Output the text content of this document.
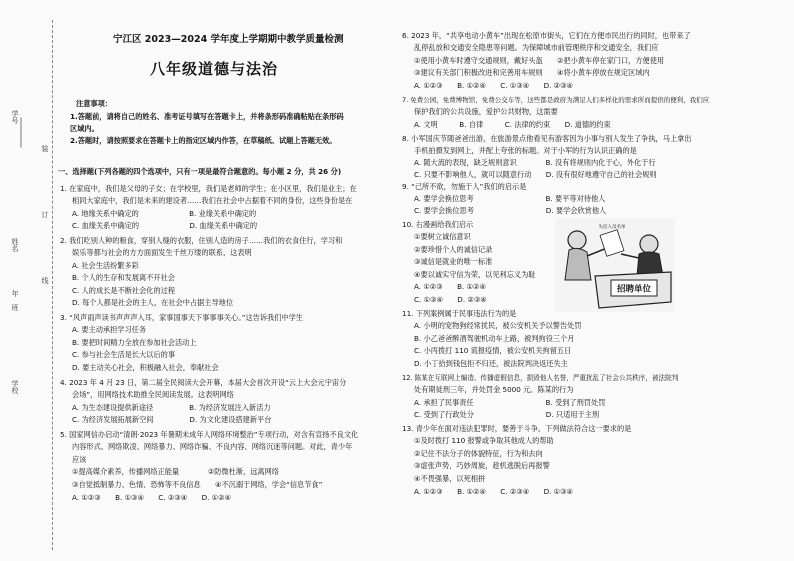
学号
姓名
年　班
学校
装　订　线
宁江区 2023—2024 学年度上学期期中教学质量检测
八年级道德与法治
注意事项：
1.答题前，请将自己的姓名、准考证号填写在答题卡上，并将条形码准确粘贴在条形码
区域内。
2.答题时，请按照要求在答题卡上的指定区域内作答，在草稿纸、试题上答题无效。
一、选择题(下列各题的四个选项中，只有一项是最符合题意的。每小题 2 分，共 26 分)
1. 在家庭中，我们是父母的子女；在学校里，我们是老师的学生；在小区里，我们是业主；在
相同大家庭中，我们是未来的建设者……我们在社会中占据着不同的身份，这些身份是在
A. 地缘关系中确定的　　　　　　　B. 业缘关系中确定的
C. 血缘关系中确定的　　　　　　　D. 血缘关系中确定的
2. 我们吃别人种的粮食，穿别人缝的衣服，住别人造的房子……我们的衣食住行，学习和
娱乐等都与社会的方方面面发生千丝万缕的联系，这表明
A. 社会生活纷繁多彩
B. 个人的生存和发展离不开社会
C. 人的成长是不断社会化的过程
D. 每个人都是社会的主人，在社会中占据主导地位
3. “风声雨声读书声声声入耳，家事国事天下事事事关心。”这告诉我们中学生
A. 要主动承担学习任务
B. 要把时间精力全放在参加社会活动上
C. 参与社会生活是长大以后的事
D. 要主动关心社会，积极融入社会，奉献社会
4. 2023 年 4 月 23 日，第二届全民阅读大会开幕，本届大会首次开设“云上大会元宇宙分
会场”，用网络技术助推全民阅读发展。这表明网络
A. 为生态建设提供新途径　　　　　B. 为经济发展注入新活力
C. 为经济发展拓展新空间　　　　　D. 为文化建设搭建新平台
5. 国家网信办启动“清朗·2023 年暑期未成年人网络环境整治”专项行动，对含有宣扬不良文化
内容形式、网络欺凌、网络暴力、网络诈骗、不良内容、网络沉迷等问题。对此，青少年
应该
①提高媒介素养，传播网络正能量　　　　②防微杜渐，远离网络
③自觉抵制暴力、色情、恐怖等不良信息　　④不沉溺于网络，学会“信息节食”
A. ①②③　　B. ①③④　　C. ②③④　　D. ①②④
6. 2023 年，“共享电动小黄车”出现在松原市街头，它们在方便市民出行的同时，也带来了
乱停乱放和交通安全隐患等问题。为保障城市前管理秩序和交通安全，我们应
①使用小黄车时遵守交通规则，戴好头盔　　②把小黄车停在家门口，方便使用
③建议有关部门积极改进和完善用车规则　　④将小黄车停放在规定区域内
A. ①②③　　B. ①②④　　C. ①③④　　D. ②③④
7. 免费公园，免费博物馆，免费公交车等，这些都是政府为满足人们多样化的需求所而提供的便利，我们应
保护我们的公共设施，爱护公共财物，这需要
A. 文明　　　B. 自律　　　C. 法律的约束　　D. 道德的约束
8. 小军国庆节随爸爸出游，在旅游景点他看见有游客因为小事与别人发生了争执，马上拿出
手机拍摄发到网上，并配上夸张的标题。对于小军的行为认识正确的是
A. 随大流的表现，缺乏规则意识　　　　B. 没有将规则内化于心，外化于行
C. 只要不影响他人，就可以随意行动　　D. 没有很好地遵守自己的社会规则
9. “己所不欲，勿施于人”我们的启示是
A. 要学会换位思考　　　　　　　　　　B. 要平等对待他人
C. 要学会换位思考　　　　　　　　　　D. 要学会欣赏他人
10. 右漫画给我们启示
①要树立诚信意识
②要珍惜个人的诚信记录
③诚信是就业的唯一标准
④要以诚实守信为荣，以见利忘义为耻
A. ①②③　　B. ①②④
C. ①③④　　D. ②③④
11. 下列案例属于民事违法行为的是
A. 小明的宠物狗经常扰民，被公安机关予以警告处罚
B. 小乙爸爸醉酒驾驶机动车上路，被判拘役三个月
C. 小丙拨打 110 谎报疫情，被公安机关拘留五日
D. 小丁拾到钱包拒不归还，被法院判决返还失主
12. 陈某在互联网上编造、传播虚假信息，损毁他人名誉，严重扰乱了社会公共秩序，被法院判
处有期徒刑三年，并处罚金 5000 元。陈某的行为
A. 承担了民事责任　　　　　　　　　　B. 受到了刑罚处罚
C. 受到了行政处分　　　　　　　　　　D. 只适用于主刑
13. 青少年在面对违法犯罪时，要善于斗争。下列做法符合这一要求的是
①及时拨打 110 报警或争取其他成人的帮助
②记住不法分子的体貌特征，行为和去向
③虚张声势，巧妙周旋，趁机逃脱后再报警
④不畏强暴，以死相拼
A. ①②③　　B. ①②④　　C. ②③④　　D. ①③④
招聘单位
失信人员名单
